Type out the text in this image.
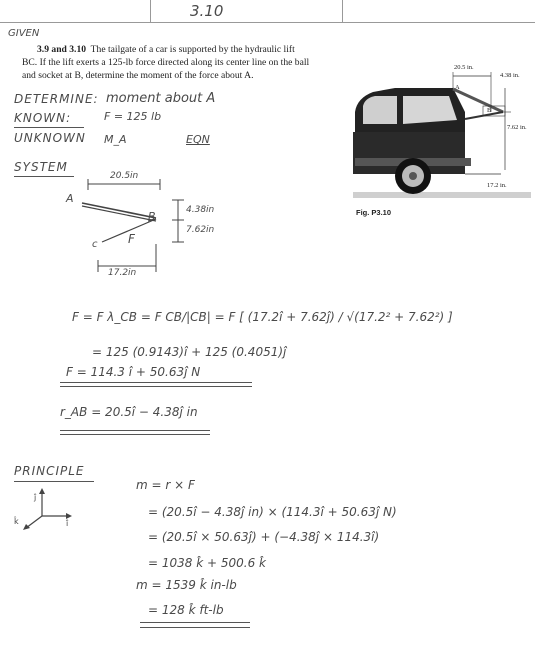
3.10
GIVEN
3.9 and 3.10 The tailgate of a car is supported by the hydraulic lift
BC. If the lift exerts a 125-lb force directed along its center line on the ball
and socket at B, determine the moment of the force about A.
20.5 in.
4.38 in.
7.62 in.
17.2 in.
A
B
C
Fig. P3.10
DETERMINE: moment about A
KNOWN:	F = 125 lb
UNKNOWN M_A	EQN
SYSTEM
20.5in
A
B
c	F
4.38in
7.62in
17.2in
F = F λ_CB = F CB/|CB| = F [ (17.2î + 7.62ĵ) / √(17.2² + 7.62²) ]
= 125 (0.9143)î + 125 (0.4051)ĵ
F = 114.3 î + 50.63ĵ N
r_AB = 20.5î − 4.38ĵ in
PRINCIPLE
ĵ
î
k̂
m = r × F
= (20.5î − 4.38ĵ in) × (114.3î + 50.63ĵ N)
= (20.5î × 50.63ĵ) + (−4.38ĵ × 114.3î)
= 1038 k̂ + 500.6 k̂
m = 1539 k̂ in-lb
= 128 k̂ ft-lb
